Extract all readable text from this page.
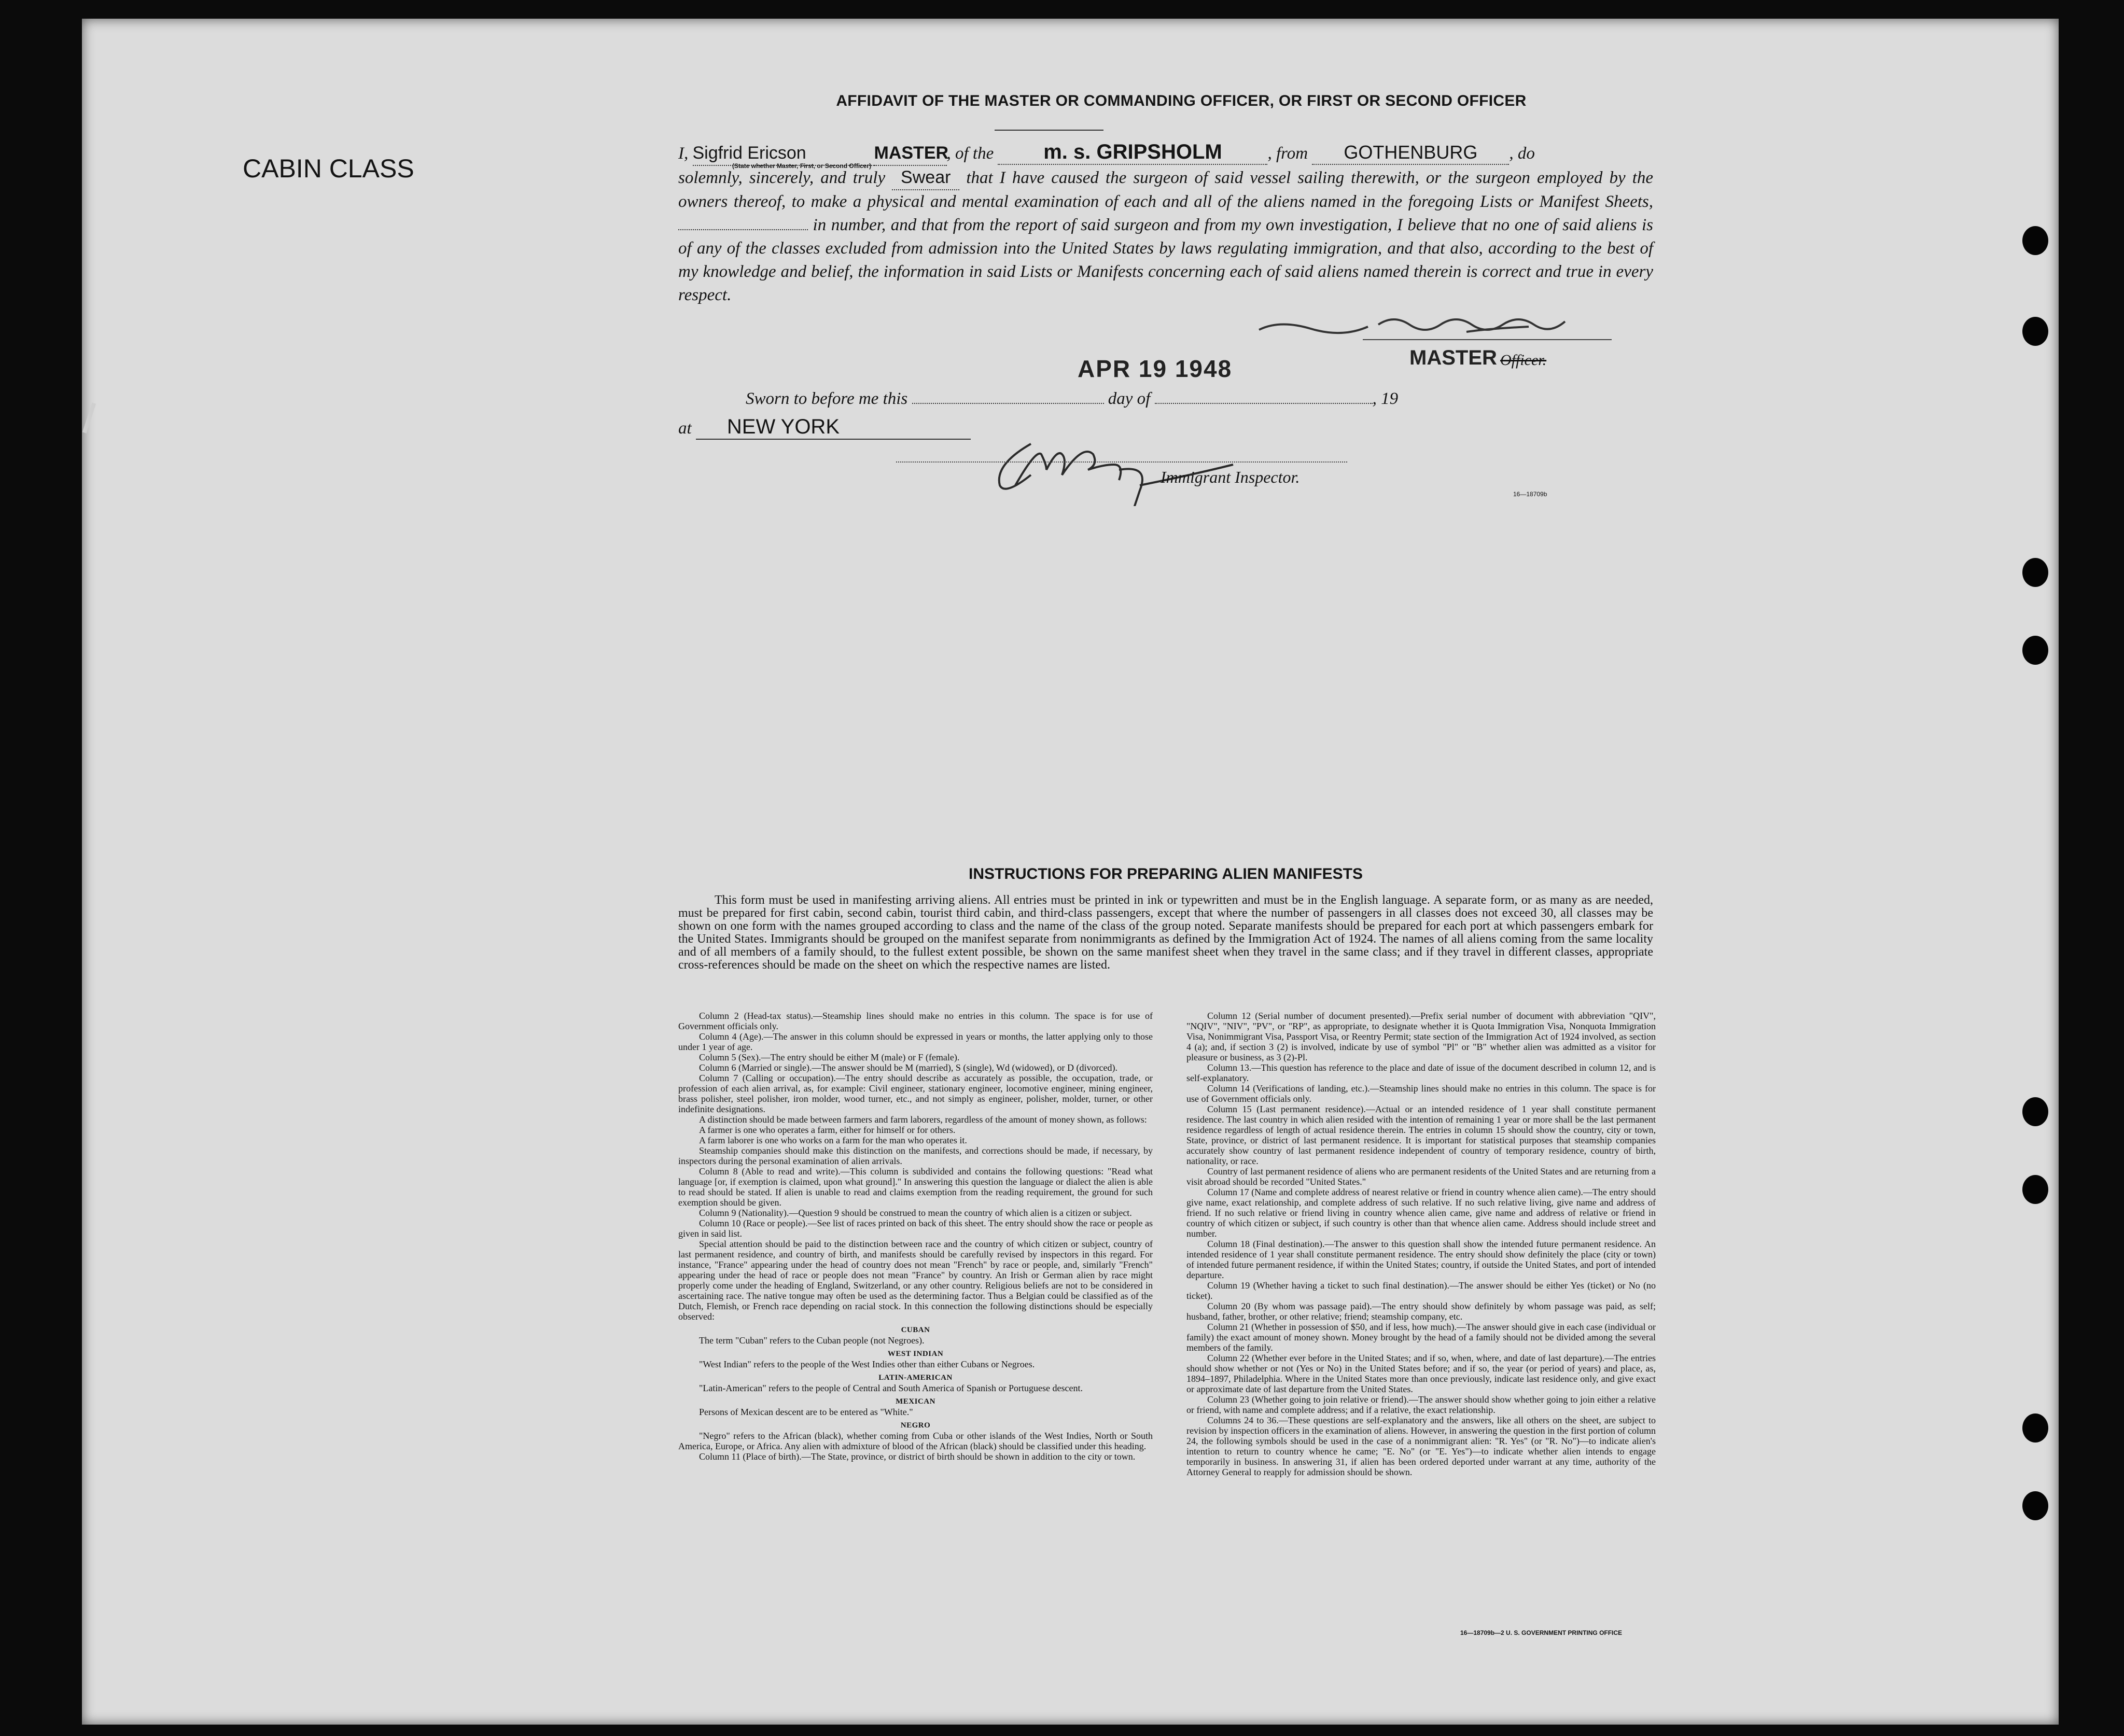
AFFIDAVIT OF THE MASTER OR COMMANDING OFFICER, OR FIRST OR SECOND OFFICER
CABIN CLASS
I, Sigfrid Ericson	MASTER, of the m. s. GRIPSHOLM	, from GOTHENBURG , do
solemnly, sincerely, and truly Swear that I have caused the surgeon of said vessel sailing therewith, or the surgeon employed by the owners thereof, to make a physical and mental examination of each and all of the aliens named in the foregoing Lists or Manifest Sheets,  in number, and that from the report of said surgeon and from my own investigation, I believe that no one of said aliens is of any of the classes excluded from admission into the United States by laws regulating immigration, and that also, according to the best of my knowledge and belief, the information in said Lists or Manifests concerning each of said aliens named therein is correct and true in every respect.
(State whether Master, First, or Second Officer)
APR 19 1948	MASTER Officer.
Sworn to before me this	day of	, 19
at NEW YORK
Immigrant Inspector.
16—18709b
INSTRUCTIONS FOR PREPARING ALIEN MANIFESTS
This form must be used in manifesting arriving aliens. All entries must be printed in ink or typewritten and must be in the English language. A separate form, or as many as are needed, must be prepared for first cabin, second cabin, tourist third cabin, and third-class passengers, except that where the number of passengers in all classes does not exceed 30, all classes may be shown on one form with the names grouped according to class and the name of the class of the group noted. Separate manifests should be prepared for each port at which passengers embark for the United States. Immigrants should be grouped on the manifest separate from nonimmigrants as defined by the Immigration Act of 1924. The names of all aliens coming from the same locality and of all members of a family should, to the fullest extent possible, be shown on the same manifest sheet when they travel in the same class; and if they travel in different classes, appropriate cross-references should be made on the sheet on which the respective names are listed.

Column 2 (Head-tax status).—Steamship lines should make no entries in this column. The space is for use of Government officials only.

Column 4 (Age).—The answer in this column should be expressed in years or months, the latter applying only to those under 1 year of age.

Column 5 (Sex).—The entry should be either M (male) or F (female).

Column 6 (Married or single).—The answer should be M (married), S (single), Wd (widowed), or D (divorced).

Column 7 (Calling or occupation).—The entry should describe as accurately as possible, the occupation, trade, or profession of each alien arrival, as, for example: Civil engineer, stationary engineer, locomotive engineer, mining engineer, brass polisher, steel polisher, iron molder, wood turner, etc., and not simply as engineer, polisher, molder, turner, or other indefinite designations.

A distinction should be made between farmers and farm laborers, regardless of the amount of money shown, as follows:

A farmer is one who operates a farm, either for himself or for others.

A farm laborer is one who works on a farm for the man who operates it.

Steamship companies should make this distinction on the manifests, and corrections should be made, if necessary, by inspectors during the personal examination of alien arrivals.

Column 8 (Able to read and write).—This column is subdivided and contains the following questions: "Read what language [or, if exemption is claimed, upon what ground]." In answering this question the language or dialect the alien is able to read should be stated. If alien is unable to read and claims exemption from the reading requirement, the ground for such exemption should be given.

Column 9 (Nationality).—Question 9 should be construed to mean the country of which alien is a citizen or subject.

Column 10 (Race or people).—See list of races printed on back of this sheet. The entry should show the race or people as given in said list.

Special attention should be paid to the distinction between race and the country of which citizen or subject, country of last permanent residence, and country of birth, and manifests should be carefully revised by inspectors in this regard. For instance, "France" appearing under the head of country does not mean "French" by race or people, and, similarly "French" appearing under the head of race or people does not mean "France" by country. An Irish or German alien by race might properly come under the heading of England, Switzerland, or any other country. Religious beliefs are not to be considered in ascertaining race. The native tongue may often be used as the determining factor. Thus a Belgian could be classified as of the Dutch, Flemish, or French race depending on racial stock. In this connection the following distinctions should be especially observed:

CUBAN

The term "Cuban" refers to the Cuban people (not Negroes).

WEST INDIAN

"West Indian" refers to the people of the West Indies other than either Cubans or Negroes.

LATIN-AMERICAN

"Latin-American" refers to the people of Central and South America of Spanish or Portuguese descent.

MEXICAN

Persons of Mexican descent are to be entered as "White."

NEGRO

"Negro" refers to the African (black), whether coming from Cuba or other islands of the West Indies, North or South America, Europe, or Africa. Any alien with admixture of blood of the African (black) should be classified under this heading.

Column 11 (Place of birth).—The State, province, or district of birth should be shown in addition to the city or town.

Column 12 (Serial number of document presented).—Prefix serial number of document with abbreviation "QIV", "NQIV", "NIV", "PV", or "RP", as appropriate, to designate whether it is Quota Immigration Visa, Nonquota Immigration Visa, Nonimmigrant Visa, Passport Visa, or Reentry Permit; state section of the Immigration Act of 1924 involved, as section 4 (a); and, if section 3 (2) is involved, indicate by use of symbol "Pl" or "B" whether alien was admitted as a visitor for pleasure or business, as 3 (2)-Pl.

Column 13.—This question has reference to the place and date of issue of the document described in column 12, and is self-explanatory.

Column 14 (Verifications of landing, etc.).—Steamship lines should make no entries in this column. The space is for use of Government officials only.

Column 15 (Last permanent residence).—Actual or an intended residence of 1 year shall constitute permanent residence. The last country in which alien resided with the intention of remaining 1 year or more shall be the last permanent residence regardless of length of actual residence therein. The entries in column 15 should show the country, city or town, State, province, or district of last permanent residence. It is important for statistical purposes that steamship companies accurately show country of last permanent residence independent of country of temporary residence, country of birth, nationality, or race.

Country of last permanent residence of aliens who are permanent residents of the United States and are returning from a visit abroad should be recorded "United States."

Column 17 (Name and complete address of nearest relative or friend in country whence alien came).—The entry should give name, exact relationship, and complete address of such relative. If no such relative living, give name and address of friend. If no such relative or friend living in country whence alien came, give name and address of relative or friend in country of which citizen or subject, if such country is other than that whence alien came. Address should include street and number.

Column 18 (Final destination).—The answer to this question shall show the intended future permanent residence. An intended residence of 1 year shall constitute permanent residence. The entry should show definitely the place (city or town) of intended future permanent residence, if within the United States; country, if outside the United States, and port of intended departure.

Column 19 (Whether having a ticket to such final destination).—The answer should be either Yes (ticket) or No (no ticket).

Column 20 (By whom was passage paid).—The entry should show definitely by whom passage was paid, as self; husband, father, brother, or other relative; friend; steamship company, etc.

Column 21 (Whether in possession of $50, and if less, how much).—The answer should give in each case (individual or family) the exact amount of money shown. Money brought by the head of a family should not be divided among the several members of the family.

Column 22 (Whether ever before in the United States; and if so, when, where, and date of last departure).—The entries should show whether or not (Yes or No) in the United States before; and if so, the year (or period of years) and place, as, 1894–1897, Philadelphia. Where in the United States more than once previously, indicate last residence only, and give exact or approximate date of last departure from the United States.

Column 23 (Whether going to join relative or friend).—The answer should show whether going to join either a relative or friend, with name and complete address; and if a relative, the exact relationship.

Columns 24 to 36.—These questions are self-explanatory and the answers, like all others on the sheet, are subject to revision by inspection officers in the examination of aliens. However, in answering the question in the first portion of column 24, the following symbols should be used in the case of a nonimmigrant alien: "R. Yes" (or "R. No")—to indicate alien's intention to return to country whence he came; "E. No" (or "E. Yes")—to indicate whether alien intends to engage temporarily in business. In answering 31, if alien has been ordered deported under warrant at any time, authority of the Attorney General to reapply for admission should be shown.

16—18709b—2 U. S. GOVERNMENT PRINTING OFFICE
